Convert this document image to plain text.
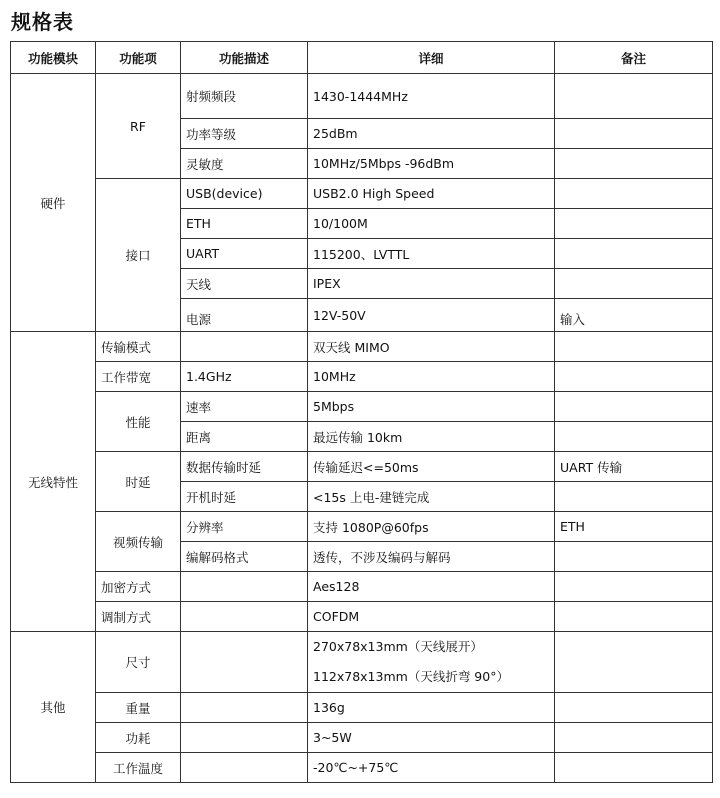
规格表
功能模块	功能项	功能描述	详细	备注
硬件	RF	射频频段	1430-1444MHz	
		功率等级	25dBm	
		灵敏度	10MHz/5Mbps -96dBm	
	接口	USB(device)	USB2.0 High Speed	
		ETH	10/100M	
		UART	115200、LVTTL	
		天线	IPEX	
		电源	12V-50V	输入
无线特性	传输模式		双天线 MIMO	
	工作带宽	1.4GHz	10MHz	
	性能	速率	5Mbps	
		距离	最远传输 10km	
	时延	数据传输时延	传输延迟<=50ms	UART 传输
		开机时延	<15s 上电-建链完成	
	视频传输	分辨率	支持 1080P@60fps	ETH
		编解码格式	透传，不涉及编码与解码	
	加密方式		Aes128	
	调制方式		COFDM	
其他	尺寸		270x78x13mm（天线展开）
112x78x13mm（天线折弯 90°）	

	重量		136g	
	功耗		3~5W	
	工作温度		-20℃~+75℃	
